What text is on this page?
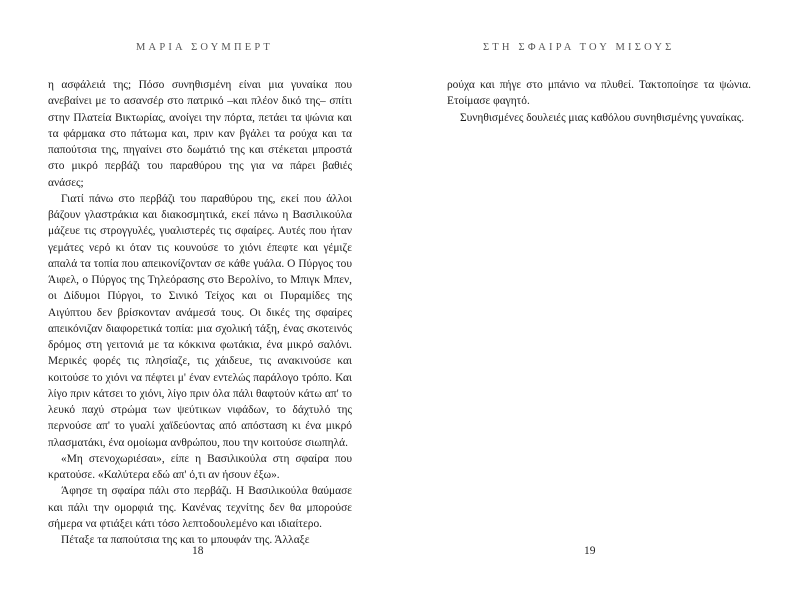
ΜΑΡΙΑ ΣΟΥΜΠΕΡΤ

η ασφάλειά της; Πόσο συνηθισμένη είναι μια γυναίκα που ανεβαίνει με το ασανσέρ στο πατρικό –και πλέον δικό της– σπίτι στην Πλατεία Βικτωρίας, ανοίγει την πόρτα, πετάει τα ψώνια και τα φάρμακα στο πάτωμα και, πριν καν βγάλει τα ρούχα και τα παπούτσια της, πηγαίνει στο δωμάτιό της και στέκεται μπροστά στο μικρό περβάζι του παραθύρου της για να πάρει βαθιές ανάσες;

Γιατί πάνω στο περβάζι του παραθύρου της, εκεί που άλλοι βάζουν γλαστράκια και διακοσμητικά, εκεί πάνω η Βασιλικούλα μάζευε τις στρογγυλές, γυαλιστερές τις σφαίρες. Αυτές που ήταν γεμάτες νερό κι όταν τις κουνούσε το χιόνι έπεφτε και γέμιζε απαλά τα τοπία που απεικονίζονταν σε κάθε γυάλα. Ο Πύργος του Άιφελ, ο Πύργος της Τηλεόρασης στο Βερολίνο, το Μπιγκ Μπεν, οι Δίδυμοι Πύργοι, το Σινικό Τείχος και οι Πυραμίδες της Αιγύπτου δεν βρίσκονταν ανάμεσά τους. Οι δικές της σφαίρες απεικόνιζαν διαφορετικά τοπία: μια σχολική τάξη, ένας σκοτεινός δρόμος στη γειτονιά με τα κόκκινα φωτάκια, ένα μικρό σαλόνι. Μερικές φορές τις πλησίαζε, τις χάιδευε, τις ανακινούσε και κοιτούσε το χιόνι να πέφτει μ' έναν εντελώς παράλογο τρόπο. Και λίγο πριν κάτσει το χιόνι, λίγο πριν όλα πάλι θαφτούν κάτω απ' το λευκό παχύ στρώμα των ψεύτικων νιφάδων, το δάχτυλό της περνούσε απ' το γυαλί χαϊδεύοντας από απόσταση κι ένα μικρό πλασματάκι, ένα ομοίωμα ανθρώπου, που την κοιτούσε σιωπηλά.

«Μη στενοχωριέσαι», είπε η Βασιλικούλα στη σφαίρα που κρατούσε. «Καλύτερα εδώ απ' ό,τι αν ήσουν έξω».

Άφησε τη σφαίρα πάλι στο περβάζι. Η Βασιλικούλα θαύμασε και πάλι την ομορφιά της. Κανένας τεχνίτης δεν θα μπορούσε σήμερα να φτιάξει κάτι τόσο λεπτοδουλεμένο και ιδιαίτερο.

Πέταξε τα παπούτσια της και το μπουφάν της. Άλλαξε

18
ΣΤΗ ΣΦΑΙΡΑ ΤΟΥ ΜΙΣΟΥΣ

ρούχα και πήγε στο μπάνιο να πλυθεί. Τακτοποίησε τα ψώνια. Ετοίμασε φαγητό.

Συνηθισμένες δουλειές μιας καθόλου συνηθισμένης γυναίκας.

19
